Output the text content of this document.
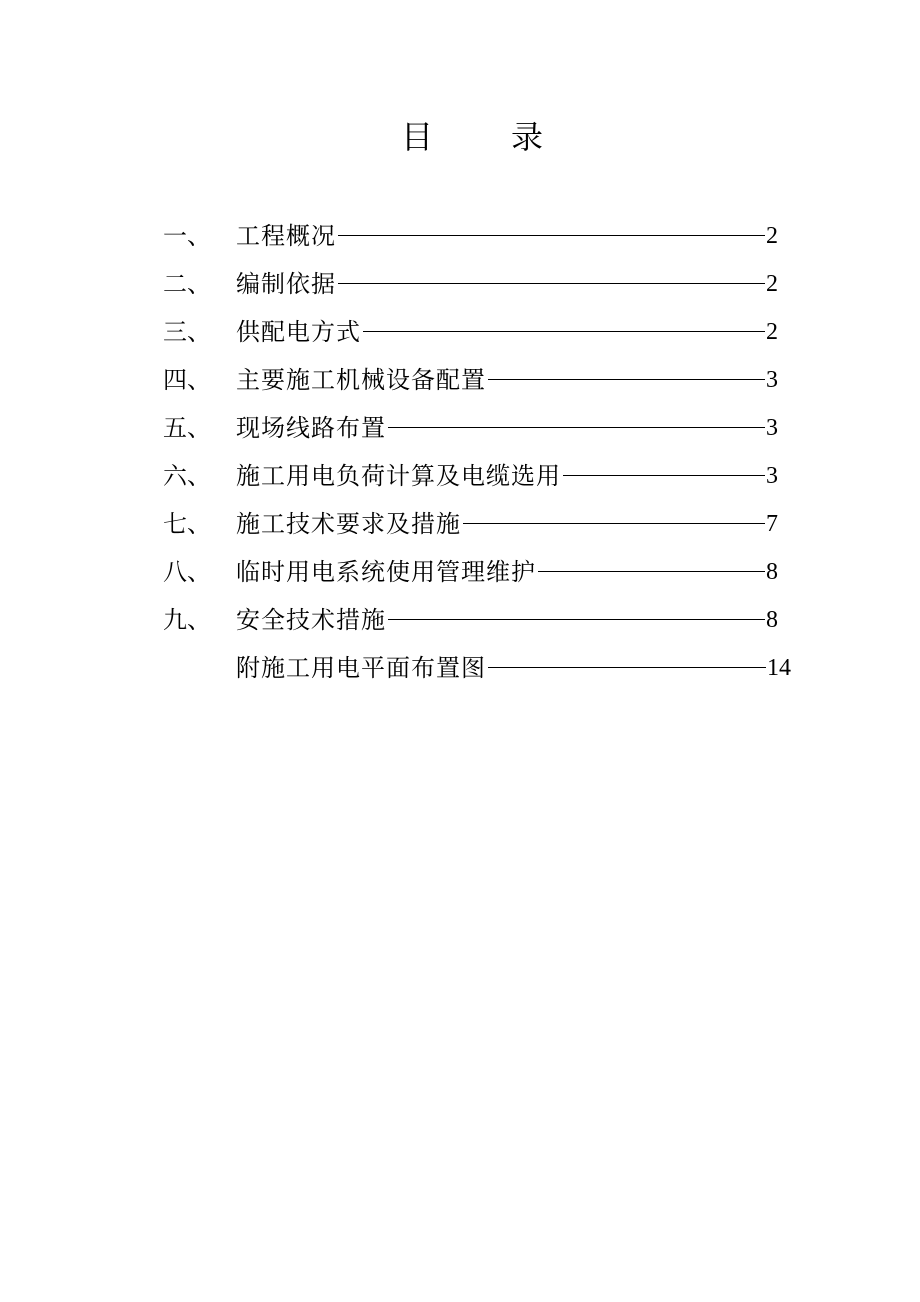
目 录
一、 工程概况	2
二、 编制依据	2
三、 供配电方式	2
四、 主要施工机械设备配置	3
五、 现场线路布置	3
六、 施工用电负荷计算及电缆选用	3
七、 施工技术要求及措施	7
八、 临时用电系统使用管理维护	8
九、 安全技术措施	8
附施工用电平面布置图	14
